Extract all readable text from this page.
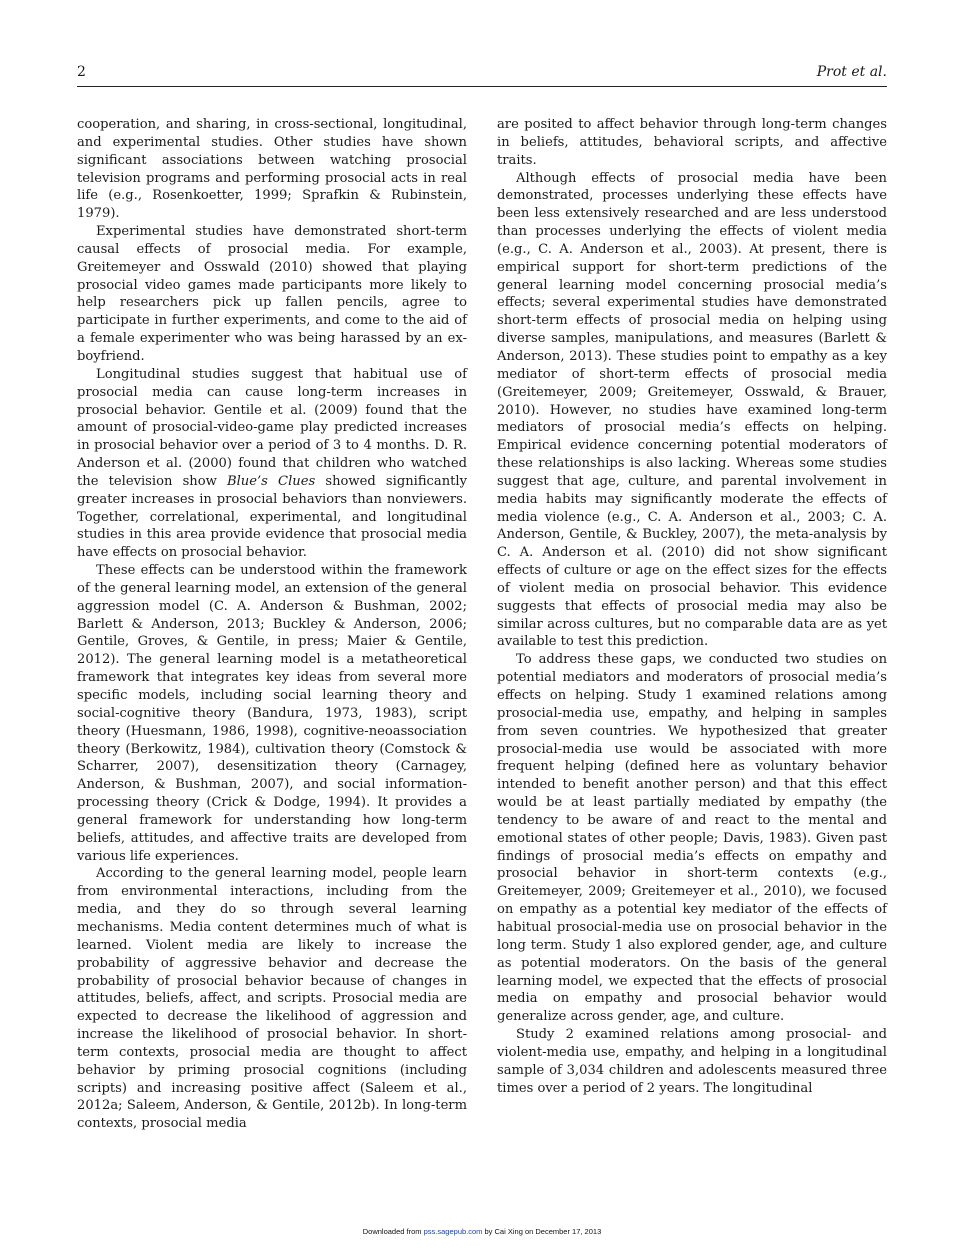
2	Prot et al.

cooperation, and sharing, in cross-sectional, longitudinal, and experimental studies. Other studies have shown significant associations between watching prosocial television programs and performing prosocial acts in real life (e.g., Rosenkoetter, 1999; Sprafkin & Rubinstein, 1979).

Experimental studies have demonstrated short-term causal effects of prosocial media. For example, Greitemeyer and Osswald (2010) showed that playing prosocial video games made participants more likely to help researchers pick up fallen pencils, agree to participate in further experiments, and come to the aid of a female experimenter who was being harassed by an ex-boyfriend.

Longitudinal studies suggest that habitual use of prosocial media can cause long-term increases in prosocial behavior. Gentile et al. (2009) found that the amount of prosocial-video-game play predicted increases in prosocial behavior over a period of 3 to 4 months. D. R. Anderson et al. (2000) found that children who watched the television show Blue’s Clues showed significantly greater increases in prosocial behaviors than nonviewers. Together, correlational, experimental, and longitudinal studies in this area provide evidence that prosocial media have effects on prosocial behavior.

These effects can be understood within the framework of the general learning model, an extension of the general aggression model (C. A. Anderson & Bushman, 2002; Barlett & Anderson, 2013; Buckley & Anderson, 2006; Gentile, Groves, & Gentile, in press; Maier & Gentile, 2012). The general learning model is a metatheoretical framework that integrates key ideas from several more specific models, including social learning theory and social-cognitive theory (Bandura, 1973, 1983), script theory (Huesmann, 1986, 1998), cognitive-neoassociation theory (Berkowitz, 1984), cultivation theory (Comstock & Scharrer, 2007), desensitization theory (Carnagey, Anderson, & Bushman, 2007), and social information-processing theory (Crick & Dodge, 1994). It provides a general framework for understanding how long-term beliefs, attitudes, and affective traits are developed from various life experiences.

According to the general learning model, people learn from environmental interactions, including from the media, and they do so through several learning mechanisms. Media content determines much of what is learned. Violent media are likely to increase the probability of aggressive behavior and decrease the probability of prosocial behavior because of changes in attitudes, beliefs, affect, and scripts. Prosocial media are expected to decrease the likelihood of aggression and increase the likelihood of prosocial behavior. In short-term contexts, prosocial media are thought to affect behavior by priming prosocial cognitions (including scripts) and increasing positive affect (Saleem et al., 2012a; Saleem, Anderson, & Gentile, 2012b). In long-term contexts, prosocial media

are posited to affect behavior through long-term changes in beliefs, attitudes, behavioral scripts, and affective traits.

Although effects of prosocial media have been demonstrated, processes underlying these effects have been less extensively researched and are less understood than processes underlying the effects of violent media (e.g., C. A. Anderson et al., 2003). At present, there is empirical support for short-term predictions of the general learning model concerning prosocial media’s effects; several experimental studies have demonstrated short-term effects of prosocial media on helping using diverse samples, manipulations, and measures (Barlett & Anderson, 2013). These studies point to empathy as a key mediator of short-term effects of prosocial media (Greitemeyer, 2009; Greitemeyer, Osswald, & Brauer, 2010). However, no studies have examined long-term mediators of prosocial media’s effects on helping. Empirical evidence concerning potential moderators of these relationships is also lacking. Whereas some studies suggest that age, culture, and parental involvement in media habits may significantly moderate the effects of media violence (e.g., C. A. Anderson et al., 2003; C. A. Anderson, Gentile, & Buckley, 2007), the meta-analysis by C. A. Anderson et al. (2010) did not show significant effects of culture or age on the effect sizes for the effects of violent media on prosocial behavior. This evidence suggests that effects of prosocial media may also be similar across cultures, but no comparable data are as yet available to test this prediction.

To address these gaps, we conducted two studies on potential mediators and moderators of prosocial media’s effects on helping. Study 1 examined relations among prosocial-media use, empathy, and helping in samples from seven countries. We hypothesized that greater prosocial-media use would be associated with more frequent helping (defined here as voluntary behavior intended to benefit another person) and that this effect would be at least partially mediated by empathy (the tendency to be aware of and react to the mental and emotional states of other people; Davis, 1983). Given past findings of prosocial media’s effects on empathy and prosocial behavior in short-term contexts (e.g., Greitemeyer, 2009; Greitemeyer et al., 2010), we focused on empathy as a potential key mediator of the effects of habitual prosocial-media use on prosocial behavior in the long term. Study 1 also explored gender, age, and culture as potential moderators. On the basis of the general learning model, we expected that the effects of prosocial media on empathy and prosocial behavior would generalize across gender, age, and culture.

Study 2 examined relations among prosocial- and violent-media use, empathy, and helping in a longitudinal sample of 3,034 children and adolescents measured three times over a period of 2 years. The longitudinal

Downloaded from pss.sagepub.com by Cai Xing on December 17, 2013
